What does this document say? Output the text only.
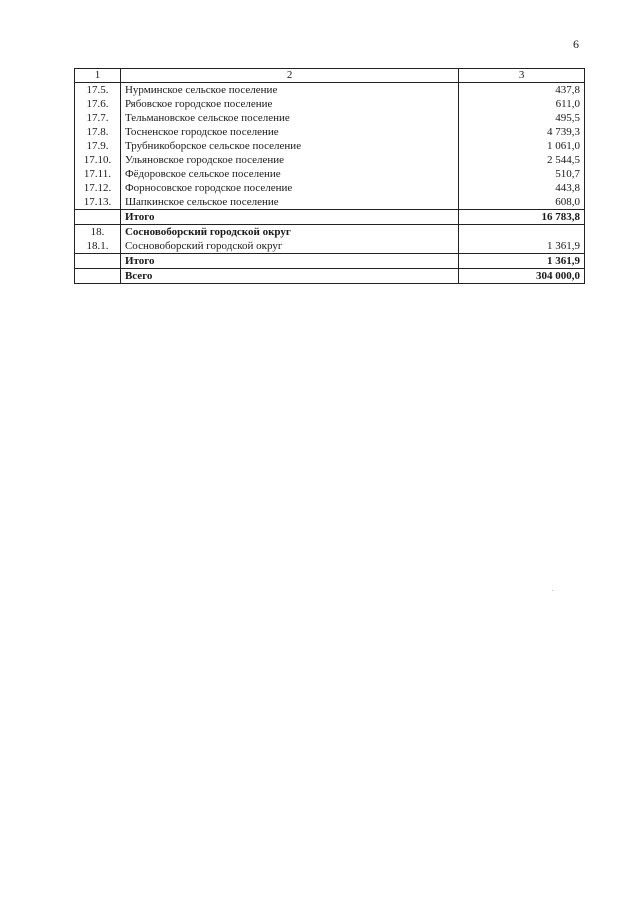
6
1	2	3
17.5.	Нурминское сельское поселение	437,8
17.6.	Рябовское городское поселение	611,0
17.7.	Тельмановское сельское поселение	495,5
17.8.	Тосненское городское поселение	4 739,3
17.9.	Трубникоборское сельское поселение	1 061,0
17.10.	Ульяновское городское поселение	2 544,5
17.11.	Фёдоровское сельское поселение	510,7
17.12.	Форносовское городское поселение	443,8
17.13.	Шапкинское сельское поселение	608,0
	Итого	16 783,8
18.	Сосновоборский городской округ	
18.1.	Сосновоборский городской округ	1 361,9
	Итого	1 361,9
	Всего	304 000,0
